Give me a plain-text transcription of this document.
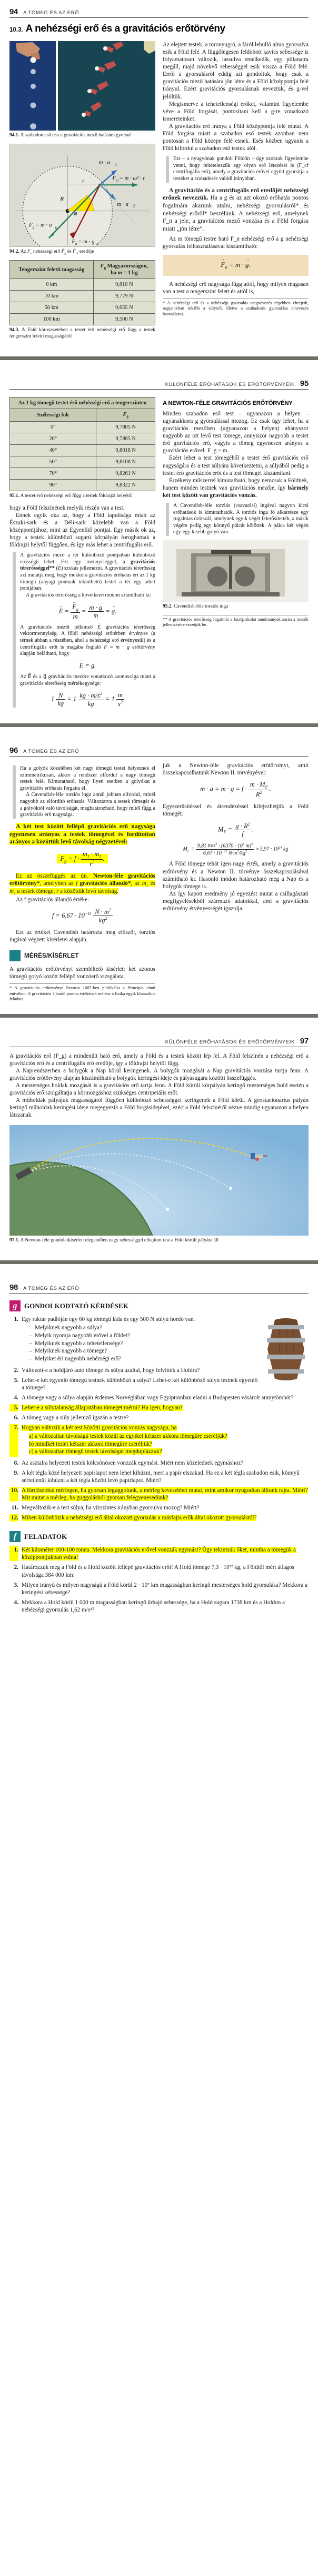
94 A TÖMEG ÉS AZ ERŐ
10.3. A nehézségi erő és a gravitációs erőtörvény
94.1. A szabadon eső test a gravitációs mező hatására gyorsul
m · a 1
m · a 2
F cf = m · ω² · r
r
R
φ
F g = m · a g
F n = m · g e
94.2. Az $F_n$ nehézségi erő $F \to_g$ és $F \to_{cf}$ eredője
Tengerszint feletti magasság	$F_g$ Magyarországon,
ha m = 1 kg
0 km	9,810 N
10 km	9,779 N
50 km	9,655 N
100 km	9,500 N
94.3. A Föld környezetében a testet érő nehézségi erő függ a testek tengerszint feletti magasságától

Az elejtett testek, a toronyugró, a fáról lehulló alma gyorsulva esik a Föld felé. A függőlegesen feldobott kavics sebessége is folyamatosan változik, lassulva emelkedik, egy pillanatra megáll, majd növekvő sebességgel esik vissza a Föld felé. Erről a gyorsulásról eddig azt gondoltuk, hogy csak a gravitációs mező hatására jön létre és a Föld középpontja felé irányul. Ezért gravitációs gyorsulásnak neveztük, és g-vel jelöltük.

Megismerve a tehetetlenségi erőket, valamint figyelembe véve a Föld forgását, pontosítani kell a g-re vonatkozó ismereteinket.

A gravitációs erő iránya a Föld középpontja felé mutat. A Föld forgása miatt a szabadon eső testek azonban nem pontosan a Föld közepe felé esnek. Esés közben ugyanis a Föld kifordul a szabadon eső testek alól.

Ezt – a nyugvónak gondolt Földön – úgy szoktuk figyelembe venni, hogy feltételezzük egy olyan erő létezését is (F_cf centrifugális erő), amely a gravitációs erővel együtt gyorsítja a testeket a szabadesés valódi irányában.

A gravitációs és a centrifugális erő eredőjét nehézségi erőnek nevezzük. Ha a g és az azt okozó erőhatás pontos fogalmára akarunk utalni, nehézségi gyorsulásról* és nehézségi erőről* beszélünk. A nehézségi erő, amelynek F_n a jele, a gravitációs mező vonzása és a Föld forgása miatt „jön létre”.

Az m tömegű testre ható F_n nehézségi erő a g nehézségi gyorsulás felhasználásával kiszámítható:

$F \to_n = m \cdot g$ →.

A nehézségi erő nagysága függ attól, hogy milyen magasan van a test a tengerszint felett és attól is,

* A nehézségi erő és a nehézségi gyorsulás megnevezés régebben elterjedt, napjainkban inkább a súlyerő, illetve a szabadesés gyorsulása elnevezés használatos.
KÜLÖNFÉLE ERŐHATÁSOK ÉS ERŐTÖRVÉNYEIK 95
Az 1 kg tömegű testet érő nehézségi erő a tengerszinten
Szélességi fok	$F_g$
0°	9,7805 N
20°	9,7865 N
40°	9,8018 N
50°	9,8108 N
70°	9,8261 N
90°	9,8322 N
95.1. A testet érő nehézségi erő függ a testek földrajzi helyétől

hogy a Föld felszínének melyik részén van a test.

Ennek egyik oka az, hogy a Föld lapultsága miatt az Északi-sark és a Déli-sark közelebb van a Föld középpontjához, mint az Egyenlítő pontjai. Egy másik ok az, hogy a testek különböző sugarú körpályán foroghatnak a földrajzi helytől függően, és így más lehet a centrifugális erő.

A gravitációs mező a tér különböző pontjaiban különböző erősségű lehet. Ezt egy mennyiséggel, a gravitációs térerősséggel** (E →) szokás jellemezni. A gravitációs térerősség azt mutatja meg, hogy mekkora gravitációs erőhatás éri az 1 kg tömegű (anyagi pontnak tekinthető) testet a tér egy adott pontjában.

A gravitációs térerősség a következő módon számítható ki:

E → = $\frac{F \to_g}{m} = \frac{m \cdot g \to}{m} = g$ →.

A gravitációs mezőt jellemző E → gravitációs térerősség vektormennyiség. A földi nehézségi erőtérben érvényes (a térnek abban a részében, ahol a nehézségi erő érvényesül) és a centrifugális erőt is magába foglaló F → = m · g → erőtörvény alapján belátható, hogy

E → = g →.

Az E⃗ és a g⃗ gravitációs mezőre vonatkozó azonossága miatt a gravitációs térerősség mértékegysége:

$1 \frac{N}{kg} = 1 \frac{kg \cdot m/s^2}{kg} = 1 \frac{m}{s^2}$
A NEWTON-FÉLE GRAVITÁCIÓS ERŐTÖRVÉNY

Minden szabadon eső test – ugyanazon a helyen – ugyanakkora g gyorsulással mozog. Ez csak úgy lehet, ha a gravitációs mezőben (ugyanazon a helyen) ahányszor nagyobb az ott levő test tömege, annyiszor nagyobb a testet érő gravitációs erő, vagyis a tömeg egyenesen arányos a gravitációs erővel: F_g ~ m.

Ezért lehet a test tömegéből a testet érő gravitációs erő nagyságára és a test súlyára következtetni, a súlyából pedig a testet érő gravitációs erőt és a test tömegét kiszámítani.

Érzékeny műszerrel kimutatható, hogy nemcsak a Földnek, hanem minden testnek van gravitációs mezője, így bármely két test között van gravitációs vonzás.

A Cavendish-féle torziós (csavarási) ingával nagyon kicsi erőhatások is kimutathatók. A torziós inga fő alkatrésze egy rugalmas drótszál, amelynek egyik végét felerősítették, a másik végére pedig egy könnyű pálcát kötöttek. A pálca két végén egy-egy kisebb golyó van.

95.2. Cavendish-féle torziós inga
** A gravitációs térerősség fogalmát a középiskolai tanulmányok során a mezők jellemzésére vezetjük be.
96 A TÖMEG ÉS AZ ERŐ

Ha a golyók közelében két nagy tömegű testet helyeznek el szimmetrikusan, akkor a rendszer elfordul a nagy tömegű testek felé. Kimutatható, hogy ilyen esetben a golyókat a gravitációs erőhatás forgatta el.

A Cavendish-féle torziós inga annál jobban elfordul, minél nagyobb az elfordító erőhatás. Változtatva a testek tömegét és a golyóktól való távolságát, meghatározható, hogy mitől függ a gravitációs erő nagysága.

A két test között fellépő gravitációs erő nagysága egyenesen arányos a testek tömegével és fordítottan arányos a közöttük levő távolság négyzetével:

$F_g = f \cdot \frac{m_1 \cdot m_2}{r^2}$ .

Ez az összefüggés az ún. Newton-féle gravitációs erőtörvény*, amelyben az f gravitációs állandó*, az $m_1$ és $m_2$ a testek tömege, r a közöttük levő távolság.

Az f gravitációs állandó értéke:

$f = 6,67 \cdot 10^{-11} \frac{N \cdot m^2}{kg^2}$

Ezt az értéket Cavendish határozta meg először, torziós ingával végzett kísérletei alapján.

MÉRÉS/KÍSÉRLET

A gravitációs erőtörvényt szemléltető kísérlet: két azonos tömegű golyó között fellépő vonzóerő vizsgálata.

* A gravitációs erőtörvényt Newton 1687-ben publikálta a Principia című művében. A gravitációs állandó pontos értékének mérése a fizika egyik klasszikus feladata.

juk a Newton-féle gravitációs erőtörvényt, amit összekapcsolhatunk Newton II. törvényével:

$m \cdot a = m \cdot g = f \cdot \frac{m \cdot M_F}{R^2}$ .

Egyszerűsítéssel és átrendezéssel kifejezhetjük a Föld tömegét:

$M_F = \frac{g \cdot R^2}{f}$ .
$M_F = \frac{9,81 m/s^2 \cdot (6370 \cdot 10^3 m)^2}{6,67 \cdot 10^{-11} N\cdot m^2/kg^2} \approx 5,97 \cdot 10^{24}$ kg

A Föld tömege tehát igen nagy érték, amely a gravitációs erőtörvény és a Newton II. törvénye összekapcsolásával számítható ki. Hasonló módon határozható meg a Nap és a bolygók tömege is.

Az így kapott eredmény jó egyezést mutat a csillagászati megfigyelésekből származó adatokkal, ami a gravitációs erőtörvény érvényességét igazolja.

KÜLÖNFÉLE ERŐHATÁSOK ÉS ERŐTÖRVÉNYEIK 97

A gravitációs erő (F_g) a mindenütt ható erő, amely a Föld és a testek között lép fel. A Föld felszínén a nehézségi erő a gravitációs erő és a centrifugális erő eredője, így a földrajzi helytől függ.

A Naprendszerben a bolygók a Nap körül keringenek. A bolygók mozgását a Nap gravitációs vonzása tartja fenn. A gravitációs erőtörvény alapján kiszámítható a bolygók keringési ideje és pályasugara közötti összefüggés.

A mesterséges holdak mozgását is a gravitációs erő tartja fenn. A Föld körüli körpályán keringő mesterséges hold esetén a gravitációs erő szolgáltatja a körmozgáshoz szükséges centripetális erőt.

A műholdak pályájuk magasságától függően különböző sebességgel keringenek a Föld körül. A geostacionárius pályán keringő műholdak keringési ideje megegyezik a Föld forgásidejével, ezért a Föld felszínéről nézve mindig ugyanazon a helyen látszanak.

97.1. A Newton-féle gondolatkísérlet: elegendően nagy sebességgel elhajított test a Föld körüli pályára áll
98 A TÖMEG ÉS AZ ERŐ
g	GONDOLKODTATÓ KÉRDÉSEK
1. Egy raktár padlóján egy 60 kg tömegű láda és egy 500 N súlyú hordó van.
–  Melyiknek nagyobb a súlya?
–  Melyik nyomja nagyobb erővel a földet?
–  Melyiknek nagyobb a tehetetlensége?
–  Melyiknek nagyobb a tömege?
–  Melyiket éri nagyobb nehézségi erő?
2. Változott-e a holdjáró autó tömege és súlya azáltal, hogy felvitték a Holdra?
3. Lehet-e két egyenlő tömegű testnek különböző a súlya? Lehet-e két különböző súlyú testnek egyenlő a tömege?
4. A tömege vagy a súlya alapján érdemes Norvégiában vagy Egyiptomban eladni a Budapesten vásárolt aranytömböt?
5. Lehet-e a súlytalanság állapotában tömeget mérni? Ha igen, hogyan?
6. A tömeg vagy a súly jellemző igazán a testre?
7. Hogyan változik a két test közötti gravitációs vonzás nagysága, ha
a) a változatlan távolságú testek közül az egyiket kétszer akkora tömegűre cseréljük?
b) mindkét testet kétszer akkora tömegűre cseréljük?
c) a változatlan tömegű testek távolságát megduplázzuk?
8. Az asztalra helyezett testek kölcsönösen vonzzák egymást. Miért nem közelednek egymáshoz?
9. A két tégla közé helyezett papírlapot nem lehet kihúzni, mert a papír elszakad. Ha ez a két tégla szabadon esik, könnyű sértetlenül kihúzni a két tégla között levő papírlapot. Miért?
10. A fürdőszobai mérlegen, ha gyorsan leguggolunk, a mérleg kevesebbet mutat, mint amikor nyugodtan álltunk rajta. Miért? Mit mutat a mérleg, ha guggolásból gyorsan felegyenesedünk?
11. Megváltozik-e a test súlya, ha vízszintes irányban gyorsulva mozog? Miért?
12. Miben különbözik a nehézségi erő által okozott gyorsulás a másfajta erők által okozott gyorsulástól?
f	FELADATOK
1. Két kilométer 100-100 tonna. Mekkora gravitációs erővel vonzzák egymást? Úgy tekintsük őket, mintha a tömegük a középpontjukban volna!
2. Határozzuk meg a Föld és a Hold között fellépő gravitációs erőt! A Hold tömege 7,3 · 10²² kg, a Földtől mért átlagos távolsága 384 000 km!
3. Milyen irányú és milyen nagyságú a Föld körül 2 · 10⁷ km magasságban keringő mesterséges hold gyorsulása? Mekkora a keringési sebessége?
4. Mekkora a Hold körül 1 000 m magasságban keringő űrhajó sebessége, ha a Hold sugara 1738 km és a Holdon a nehézségi gyorsulás 1,62 m/s²?
